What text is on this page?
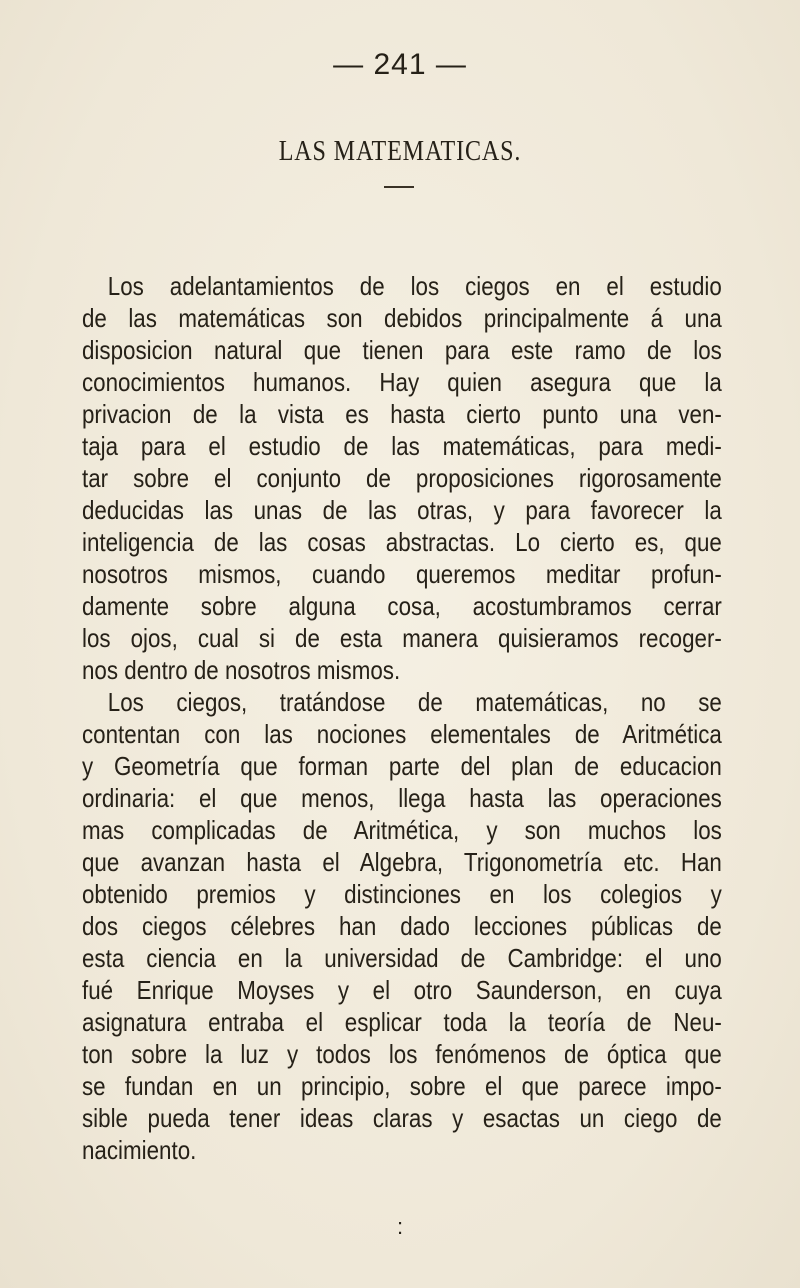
— 241 —
LAS MATEMATICAS.
Los adelantamientos de los ciegos en el estudio
de las matemáticas son debidos principalmente á una
disposicion natural que tienen para este ramo de los
conocimientos humanos. Hay quien asegura que la
privacion de la vista es hasta cierto punto una ven-
taja para el estudio de las matemáticas, para medi-
tar sobre el conjunto de proposiciones rigorosamente
deducidas las unas de las otras, y para favorecer la
inteligencia de las cosas abstractas. Lo cierto es, que
nosotros mismos, cuando queremos meditar profun-
damente sobre alguna cosa, acostumbramos cerrar
los ojos, cual si de esta manera quisieramos recoger-
nos dentro de nosotros mismos.
Los ciegos, tratándose de matemáticas, no se
contentan con las nociones elementales de Aritmética
y Geometría que forman parte del plan de educacion
ordinaria: el que menos, llega hasta las operaciones
mas complicadas de Aritmética, y son muchos los
que avanzan hasta el Algebra, Trigonometría etc. Han
obtenido premios y distinciones en los colegios y
dos ciegos célebres han dado lecciones públicas de
esta ciencia en la universidad de Cambridge: el uno
fué Enrique Moyses y el otro Saunderson, en cuya
asignatura entraba el esplicar toda la teoría de Neu-
ton sobre la luz y todos los fenómenos de óptica que
se fundan en un principio, sobre el que parece impo-
sible pueda tener ideas claras y esactas un ciego de
nacimiento.
:
